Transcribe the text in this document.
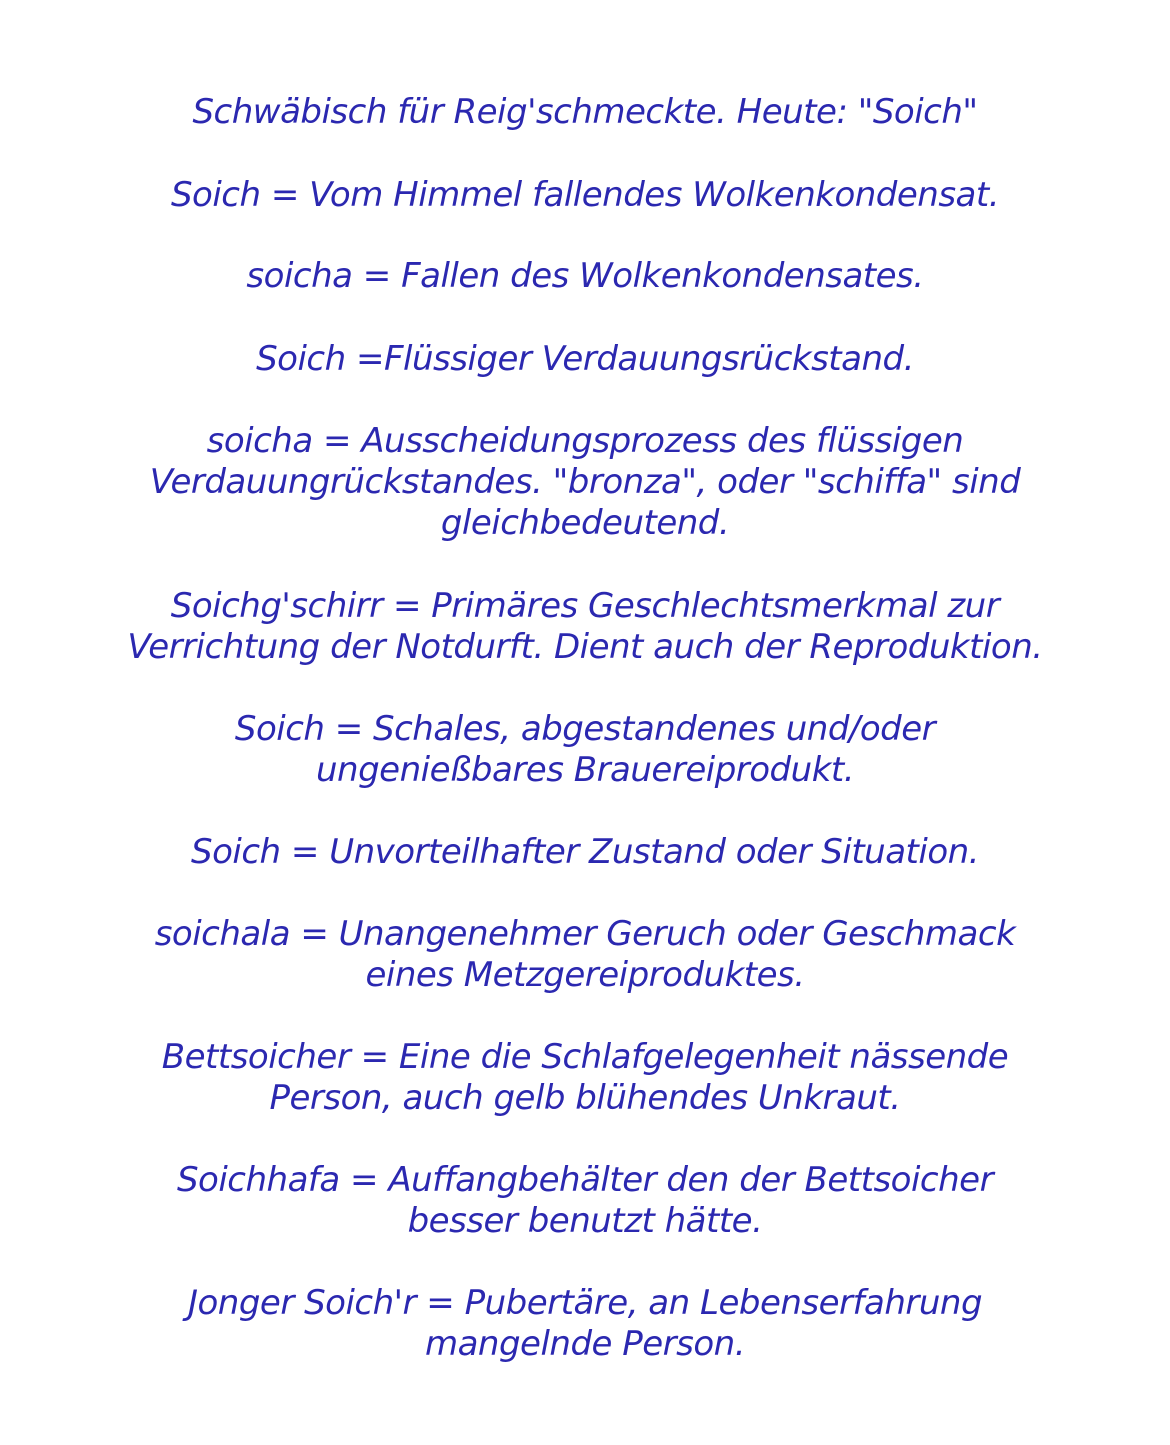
Schwäbisch für Reig'schmeckte. Heute: "Soich"
Soich = Vom Himmel fallendes Wolkenkondensat.
soicha = Fallen des Wolkenkondensates.
Soich =Flüssiger Verdauungsrückstand.
soicha = Ausscheidungsprozess des flüssigen
Verdauungrückstandes. "bronza", oder "schiffa" sind
gleichbedeutend.
Soichg'schirr = Primäres Geschlechtsmerkmal zur
Verrichtung der Notdurft. Dient auch der Reproduktion.
Soich = Schales, abgestandenes und/oder
ungenießbares Brauereiprodukt.
Soich = Unvorteilhafter Zustand oder Situation.
soichala = Unangenehmer Geruch oder Geschmack
eines Metzgereiproduktes.
Bettsoicher = Eine die Schlafgelegenheit nässende
Person, auch gelb blühendes Unkraut.
Soichhafa = Auffangbehälter den der Bettsoicher
besser benutzt hätte.
Jonger Soich'r = Pubertäre, an Lebenserfahrung
mangelnde Person.
